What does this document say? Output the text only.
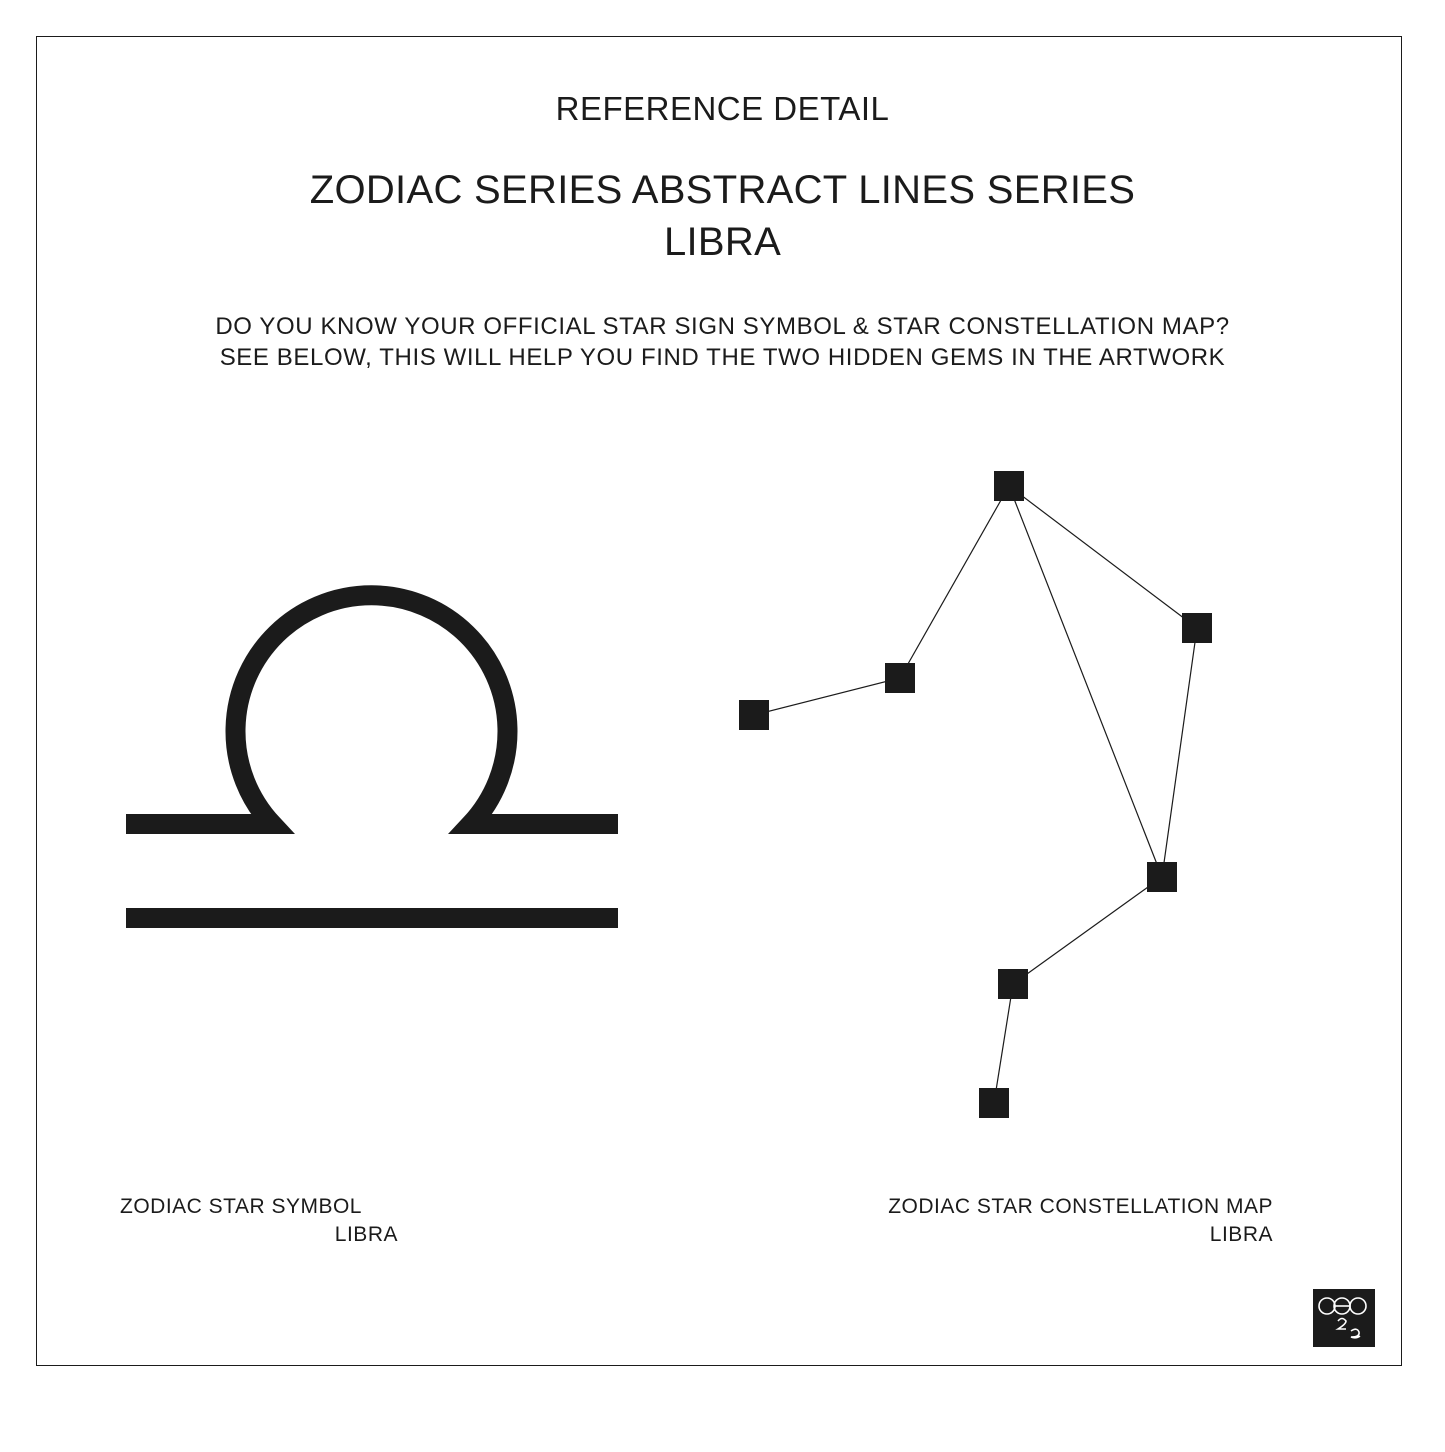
REFERENCE DETAIL
ZODIAC SERIES ABSTRACT LINES SERIES
LIBRA

DO YOU KNOW YOUR OFFICIAL STAR SIGN SYMBOL & STAR CONSTELLATION MAP?

SEE BELOW, THIS WILL HELP YOU FIND THE TWO HIDDEN GEMS IN THE ARTWORK

ZODIAC STAR SYMBOL
LIBRA
ZODIAC STAR CONSTELLATION MAP
LIBRA
